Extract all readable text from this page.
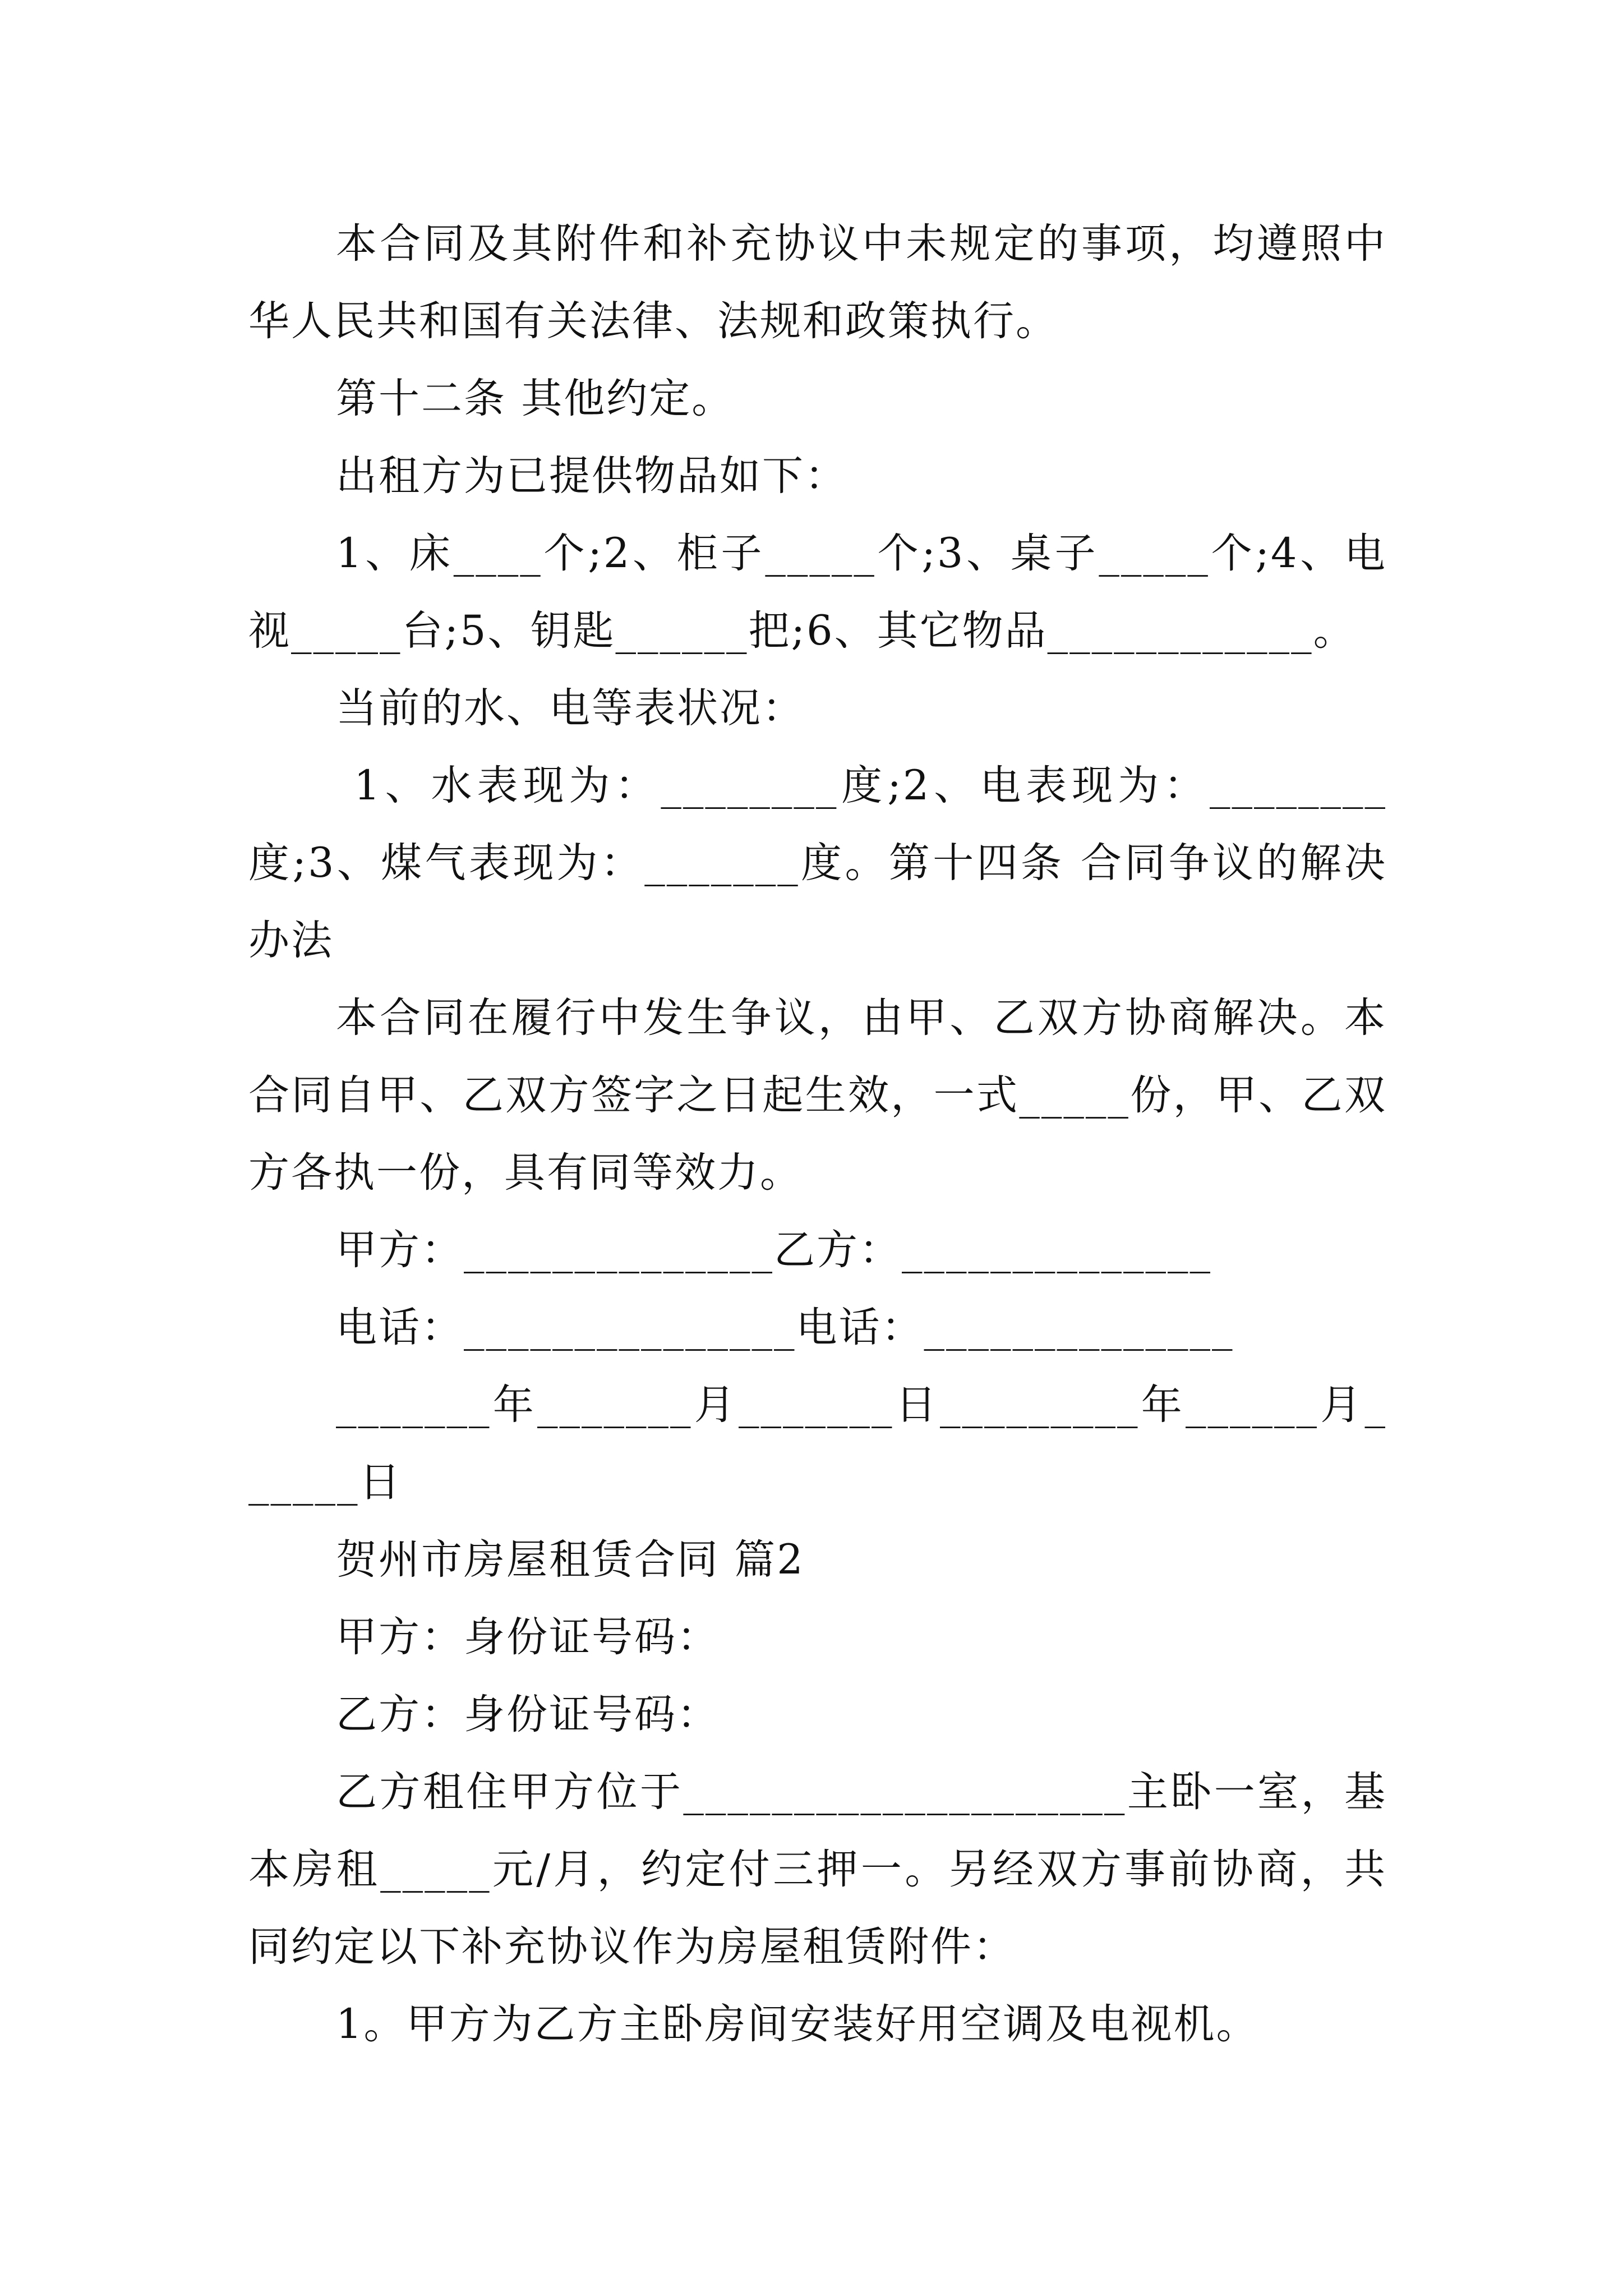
本合同及其附件和补充协议中未规定的事项，均遵照中华人民共和国有关法律、法规和政策执行。

第十二条 其他约定。

出租方为已提供物品如下：

1、床____个;2、柜子_____个;3、桌子_____个;4、电视_____台;5、钥匙______把;6、其它物品____________。

当前的水、电等表状况：

1、水表现为：________度;2、电表现为：________度;3、煤气表现为：_______度。第十四条 合同争议的解决办法

本合同在履行中发生争议，由甲、乙双方协商解决。本合同自甲、乙双方签字之日起生效，一式_____份，甲、乙双方各执一份，具有同等效力。

甲方：______________乙方：______________

电话：_______________电话：______________

_______年_______月_______日_________年______月______日

贺州市房屋租赁合同 篇2

甲方：身份证号码：

乙方：身份证号码：

乙方租住甲方位于____________________主卧一室，基本房租_____元/月，约定付三押一。另经双方事前协商，共同约定以下补充协议作为房屋租赁附件：

1。甲方为乙方主卧房间安装好用空调及电视机。
